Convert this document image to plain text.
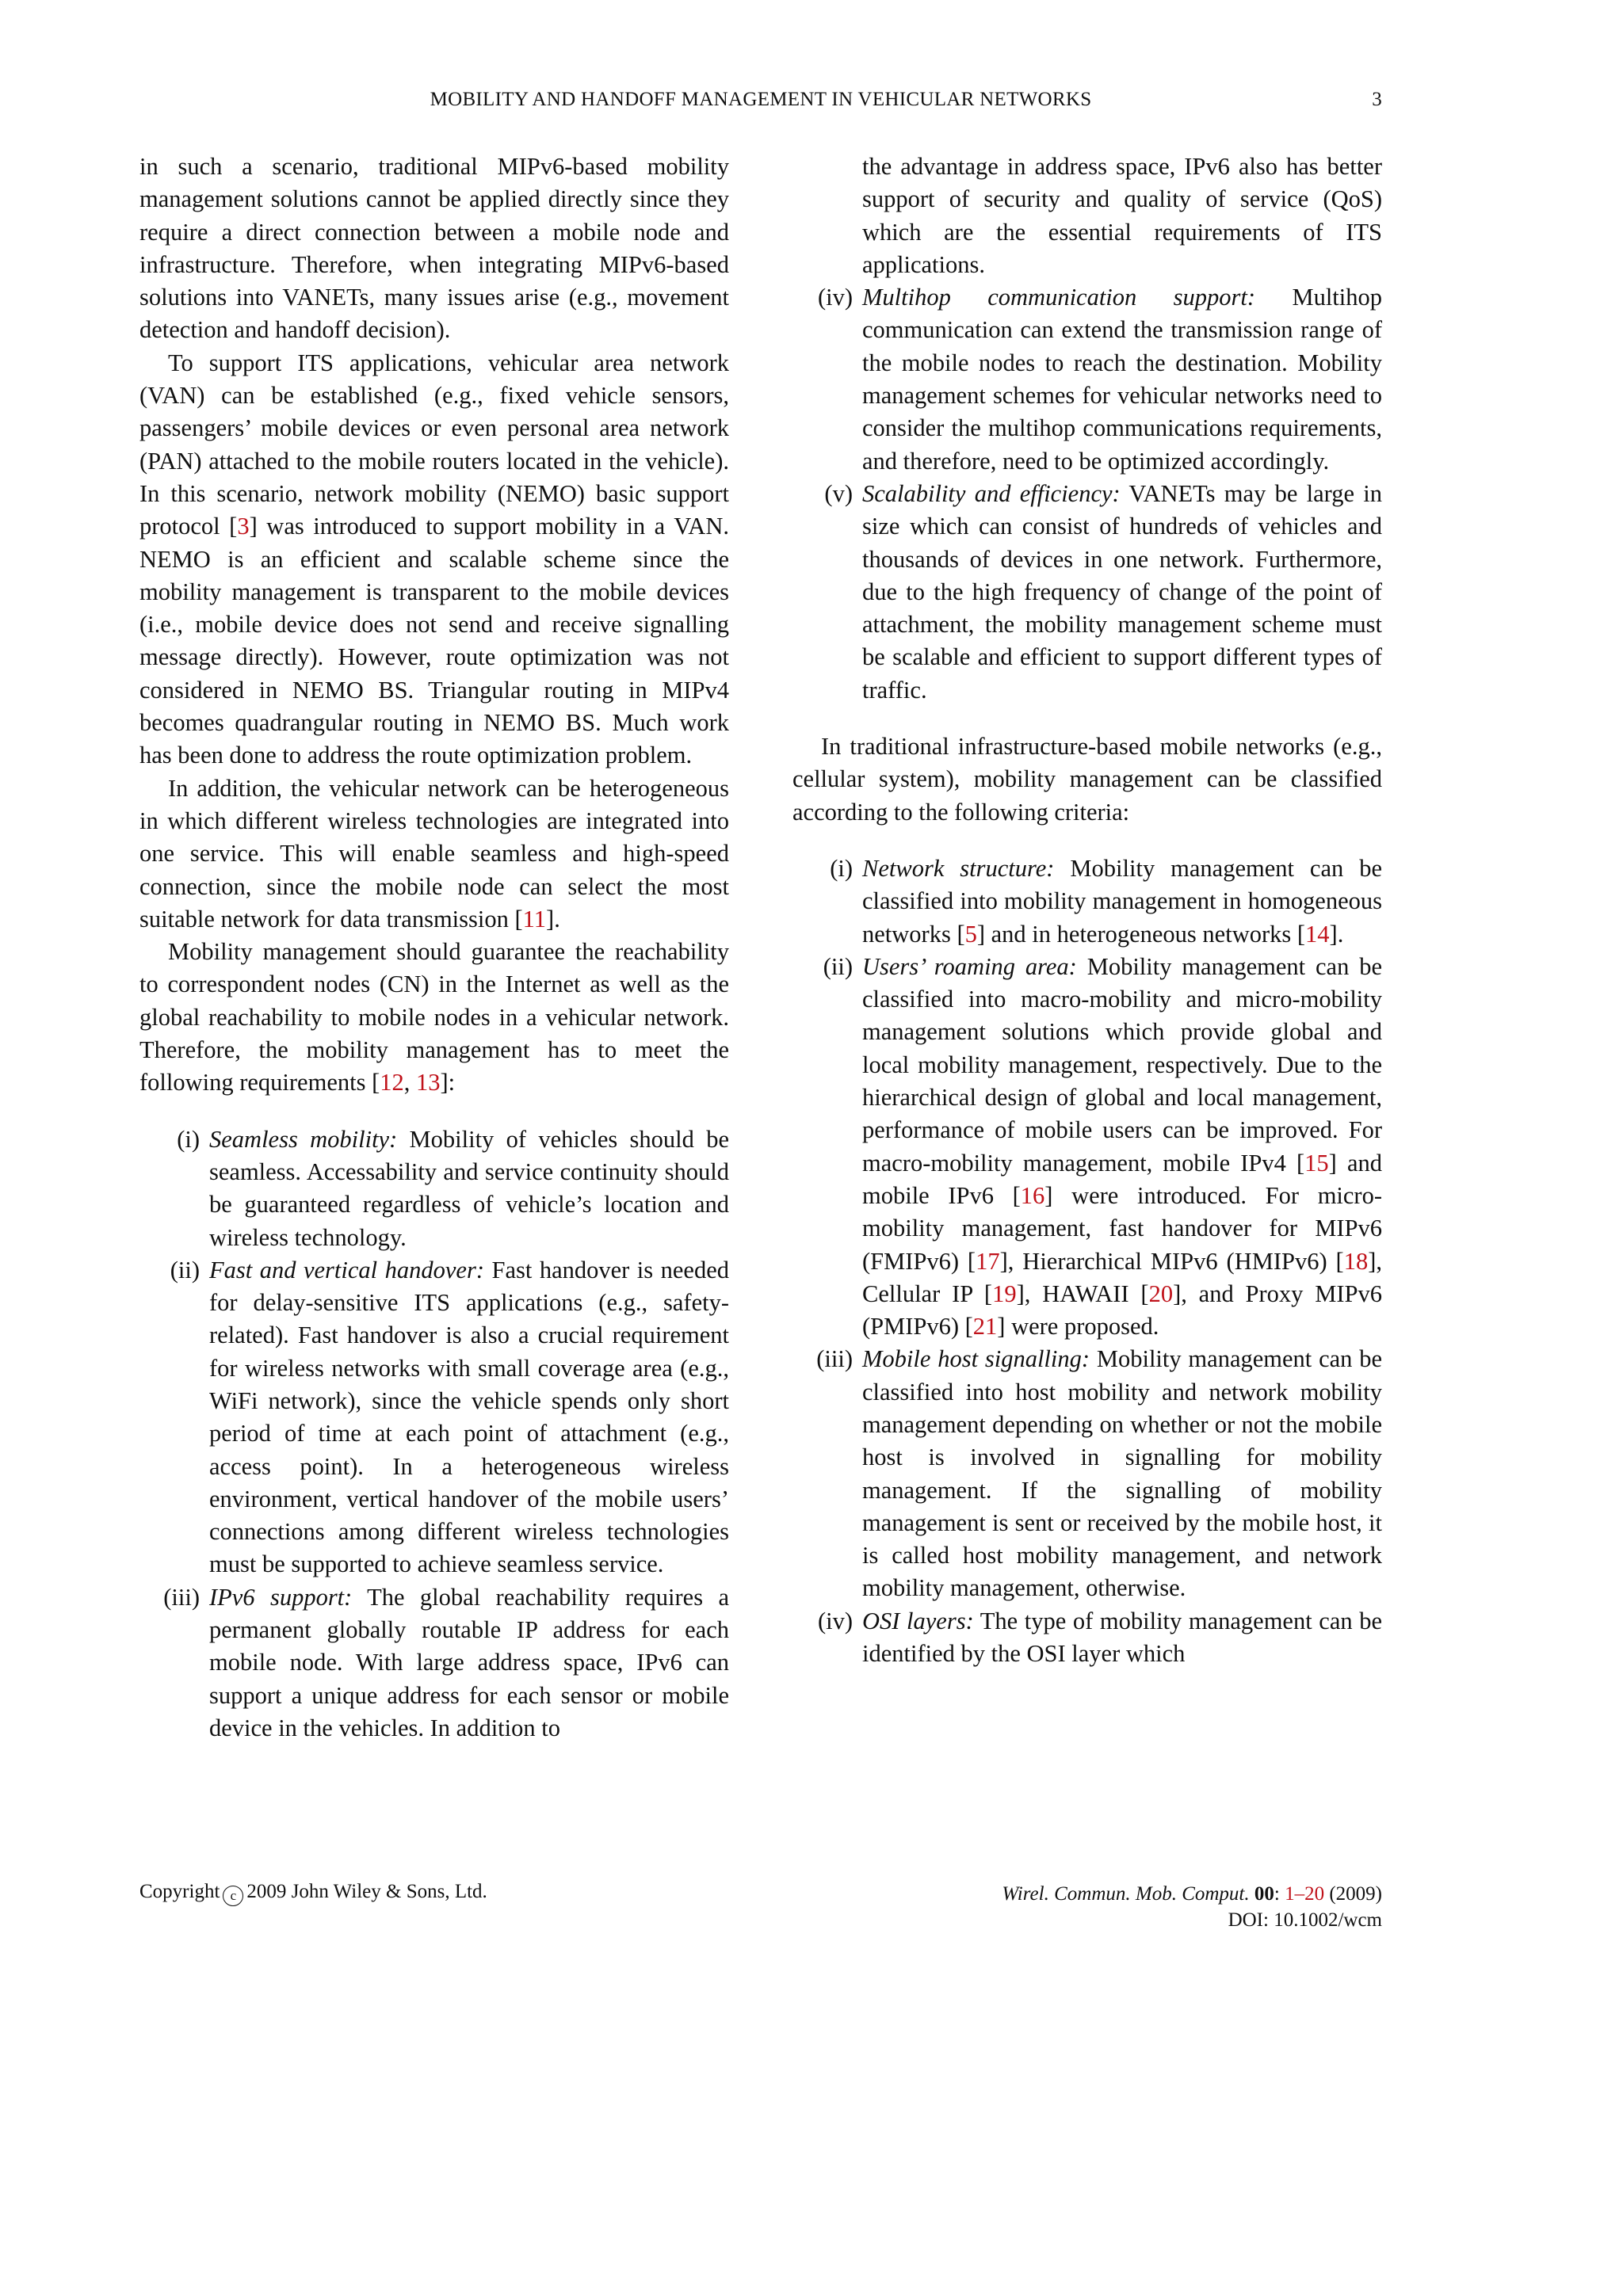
MOBILITY AND HANDOFF MANAGEMENT IN VEHICULAR NETWORKS	3

in such a scenario, traditional MIPv6-based mobility management solutions cannot be applied directly since they require a direct connection between a mobile node and infrastructure. Therefore, when integrating MIPv6-based solutions into VANETs, many issues arise (e.g., movement detection and handoff decision).

To support ITS applications, vehicular area network (VAN) can be established (e.g., fixed vehicle sensors, passengers’ mobile devices or even personal area network (PAN) attached to the mobile routers located in the vehicle). In this scenario, network mobility (NEMO) basic support protocol [3] was introduced to support mobility in a VAN. NEMO is an efficient and scalable scheme since the mobility management is transparent to the mobile devices (i.e., mobile device does not send and receive signalling message directly). However, route optimization was not considered in NEMO BS. Triangular routing in MIPv4 becomes quadrangular routing in NEMO BS. Much work has been done to address the route optimization problem.

In addition, the vehicular network can be heterogeneous in which different wireless technologies are integrated into one service. This will enable seamless and high-speed connection, since the mobile node can select the most suitable network for data transmission [11].

Mobility management should guarantee the reachability to correspondent nodes (CN) in the Internet as well as the global reachability to mobile nodes in a vehicular network. Therefore, the mobility management has to meet the following requirements [12, 13]:

(i) Seamless mobility: Mobility of vehicles should be seamless. Accessability and service continuity should be guaranteed regardless of vehicle’s location and wireless technology.
(ii) Fast and vertical handover: Fast handover is needed for delay-sensitive ITS applications (e.g., safety-related). Fast handover is also a crucial requirement for wireless networks with small coverage area (e.g., WiFi network), since the vehicle spends only short period of time at each point of attachment (e.g., access point). In a heterogeneous wireless environment, vertical handover of the mobile users’ connections among different wireless technologies must be supported to achieve seamless service.
(iii) IPv6 support: The global reachability requires a permanent globally routable IP address for each mobile node. With large address space, IPv6 can support a unique address for each sensor or mobile device in the vehicles. In addition to
the advantage in address space, IPv6 also has better support of security and quality of service (QoS) which are the essential requirements of ITS applications.
(iv) Multihop communication support: Multihop communication can extend the transmission range of the mobile nodes to reach the destination. Mobility management schemes for vehicular networks need to consider the multihop communications requirements, and therefore, need to be optimized accordingly.
(v) Scalability and efficiency: VANETs may be large in size which can consist of hundreds of vehicles and thousands of devices in one network. Furthermore, due to the high frequency of change of the point of attachment, the mobility management scheme must be scalable and efficient to support different types of traffic.

In traditional infrastructure-based mobile networks (e.g., cellular system), mobility management can be classified according to the following criteria:

(i) Network structure: Mobility management can be classified into mobility management in homogeneous networks [5] and in heterogeneous networks [14].
(ii) Users’ roaming area: Mobility management can be classified into macro-mobility and micro-mobility management solutions which provide global and local mobility management, respectively. Due to the hierarchical design of global and local management, performance of mobile users can be improved. For macro-mobility management, mobile IPv4 [15] and mobile IPv6 [16] were introduced. For micro-mobility management, fast handover for MIPv6 (FMIPv6) [17], Hierarchical MIPv6 (HMIPv6) [18], Cellular IP [19], HAWAII [20], and Proxy MIPv6 (PMIPv6) [21] were proposed.
(iii) Mobile host signalling: Mobility management can be classified into host mobility and network mobility management depending on whether or not the mobile host is involved in signalling for mobility management. If the signalling of mobility management is sent or received by the mobile host, it is called host mobility management, and network mobility management, otherwise.
(iv) OSI layers: The type of mobility management can be identified by the OSI layer which
Copyright c 2009 John Wiley & Sons, Ltd.	Wirel. Commun. Mob. Comput. 00: 1–20 (2009)
DOI: 10.1002/wcm
